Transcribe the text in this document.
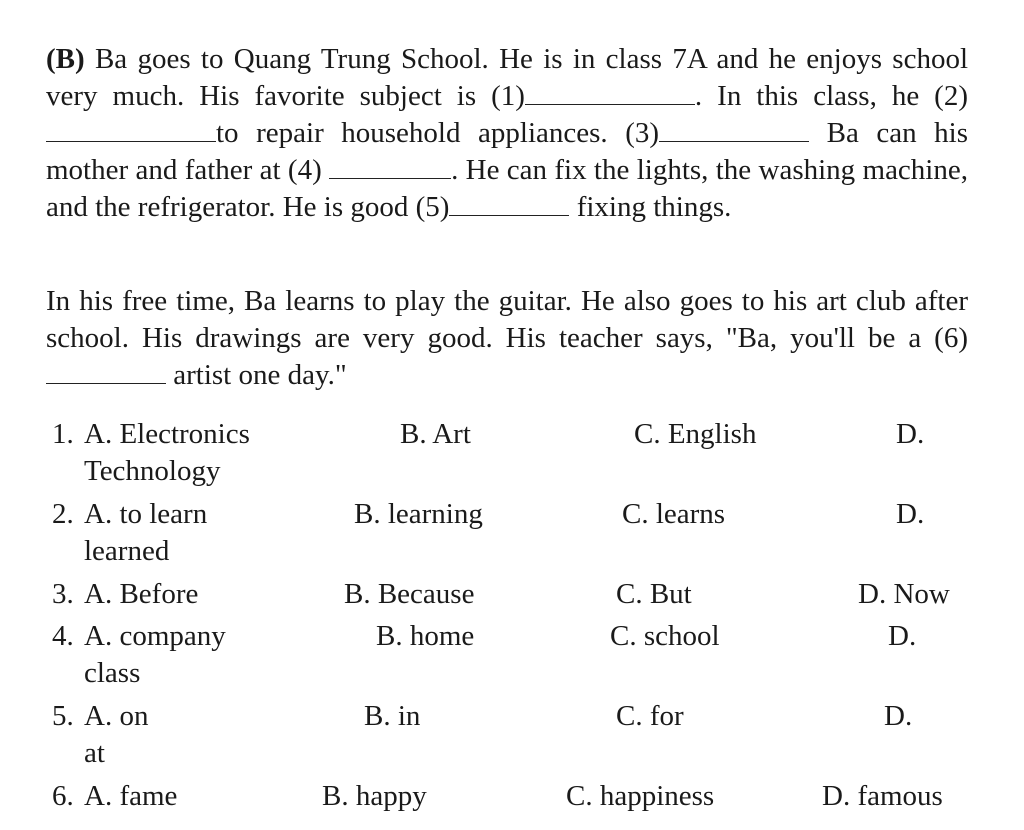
(B) Ba goes to Quang Trung School. He is in class 7A and he enjoys school very much. His favorite subject is (1)	. In this class, he (2) to repair household appliances. (3)	Ba can his mother and father at (4)	. He can fix the lights, the washing machine, and the refrigerator. He is good (5)	fixing things.
In his free time, Ba learns to play the guitar. He also goes to his art club after school. His drawings are very good. His teacher says, "Ba, you'll be a (6) artist one day."
1. A. Electronics	B. Art	C. English	D.
Technology
2. A. to learn	B. learning	C. learns	D.
learned
3. A. Before	B. Because	C. But	D. Now
4. A. company	B. home	C. school	D.
class
5. A. on	B. in	C. for	D.
at
6. A. fame	B. happy	C. happiness	D. famous
